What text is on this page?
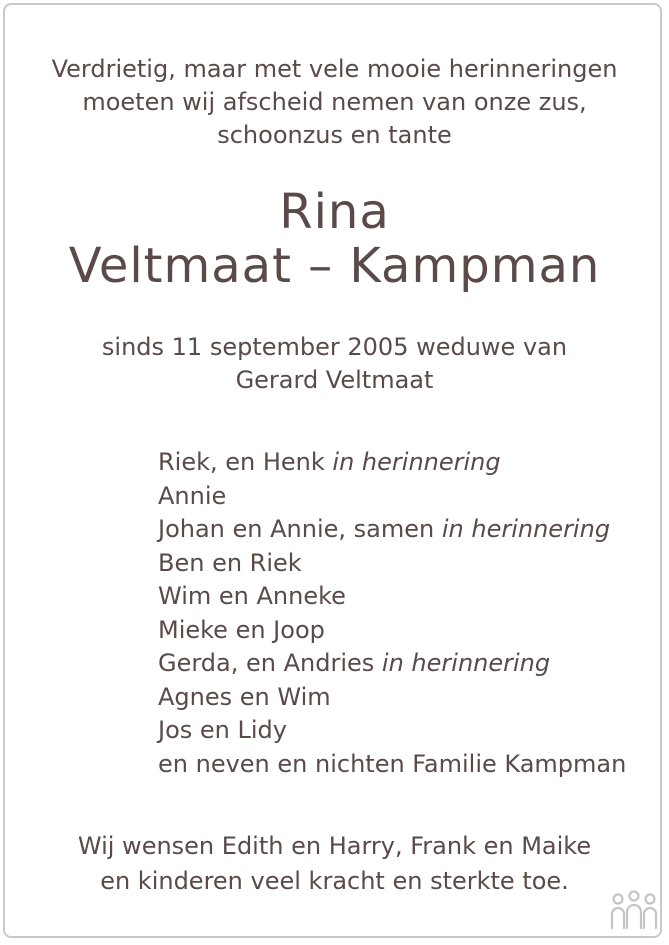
Verdrietig, maar met vele mooie herinneringen
moeten wij afscheid nemen van onze zus,
schoonzus en tante
Rina
Veltmaat – Kampman
sinds 11 september 2005 weduwe van
Gerard Veltmaat
Riek, en Henk in herinnering
Annie
Johan en Annie, samen in herinnering
Ben en Riek
Wim en Anneke
Mieke en Joop
Gerda, en Andries in herinnering
Agnes en Wim
Jos en Lidy
en neven en nichten Familie Kampman
Wij wensen Edith en Harry, Frank en Maike
en kinderen veel kracht en sterkte toe.
